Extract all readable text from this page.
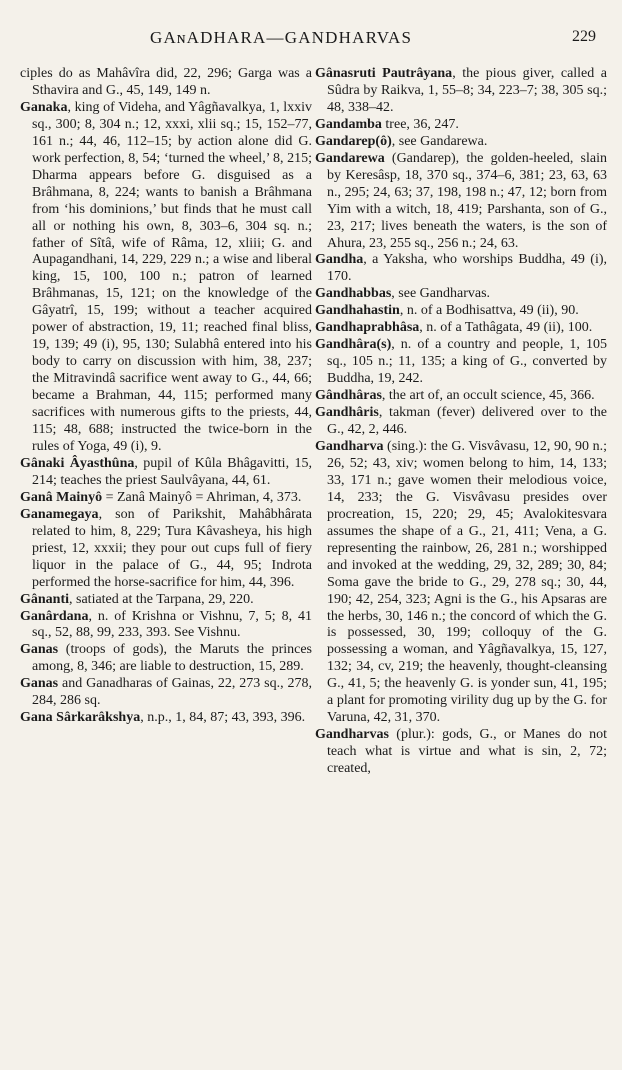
GAɴADHARA—GANDHARVAS	229

ciples do as Mahâvîra did, 22, 296; Garga was a Sthavira and G., 45, 149, 149 n.

Ganaka, king of Videha, and Yâgñavalkya, 1, lxxiv sq., 300; 8, 304 n.; 12, xxxi, xlii sq.; 15, 152–77, 161 n.; 44, 46, 112–15; by action alone did G. work perfection, 8, 54; ‘turned the wheel,’ 8, 215; Dharma appears before G. disguised as a Brâhmana, 8, 224; wants to banish a Brâhmana from ‘his dominions,’ but finds that he must call all or nothing his own, 8, 303–6, 304 sq. n.; father of Sîtâ, wife of Râma, 12, xliii; G. and Aupagandhani, 14, 229, 229 n.; a wise and liberal king, 15, 100, 100 n.; patron of learned Brâhmanas, 15, 121; on the knowledge of the Gâyatrî, 15, 199; without a teacher acquired power of abstraction, 19, 11; reached final bliss, 19, 139; 49 (i), 95, 130; Sulabhâ entered into his body to carry on discussion with him, 38, 237; the Mitravindâ sacrifice went away to G., 44, 66; became a Brahman, 44, 115; performed many sacrifices with numerous gifts to the priests, 44, 115; 48, 688; instructed the twice-born in the rules of Yoga, 49 (i), 9.

Gânaki Âyasthûna, pupil of Kûla Bhâgavitti, 15, 214; teaches the priest Saulvâyana, 44, 61.

Ganâ Mainyô = Zanâ Mainyô = Ahriman, 4, 373.

Ganamegaya, son of Parikshit, Mahâbhârata related to him, 8, 229; Tura Kâvasheya, his high priest, 12, xxxii; they pour out cups full of fiery liquor in the palace of G., 44, 95; Indrota performed the horse-sacrifice for him, 44, 396.

Gânanti, satiated at the Tarpana, 29, 220.

Ganârdana, n. of Krishna or Vishnu, 7, 5; 8, 41 sq., 52, 88, 99, 233, 393. See Vishnu.

Ganas (troops of gods), the Maruts the princes among, 8, 346; are liable to destruction, 15, 289.

Ganas and Ganadharas of Gainas, 22, 273 sq., 278, 284, 286 sq.

Gana Sârkarâkshya, n.p., 1, 84, 87; 43, 393, 396.

Gânasruti Pautrâyana, the pious giver, called a Sûdra by Raikva, 1, 55–8; 34, 223–7; 38, 305 sq.; 48, 338–42.

Gandamba tree, 36, 247.

Gandarep(ô), see Gandarewa.

Gandarewa (Gandarep), the golden-heeled, slain by Keresâsp, 18, 370 sq., 374–6, 381; 23, 63, 63 n., 295; 24, 63; 37, 198, 198 n.; 47, 12; born from Yim with a witch, 18, 419; Parshanta, son of G., 23, 217; lives beneath the waters, is the son of Ahura, 23, 255 sq., 256 n.; 24, 63.

Gandha, a Yaksha, who worships Buddha, 49 (i), 170.

Gandhabbas, see Gandharvas.

Gandhahastin, n. of a Bodhisattva, 49 (ii), 90.

Gandhaprabhâsa, n. of a Tathâgata, 49 (ii), 100.

Gandhâra(s), n. of a country and people, 1, 105 sq., 105 n.; 11, 135; a king of G., converted by Buddha, 19, 242.

Gândhâras, the art of, an occult science, 45, 366.

Gandhâris, takman (fever) delivered over to the G., 42, 2, 446.

Gandharva (sing.): the G. Visvâvasu, 12, 90, 90 n.; 26, 52; 43, xiv; women belong to him, 14, 133; 33, 171 n.; gave women their melodious voice, 14, 233; the G. Visvâvasu presides over procreation, 15, 220; 29, 45; Avalokitesvara assumes the shape of a G., 21, 411; Vena, a G. representing the rainbow, 26, 281 n.; worshipped and invoked at the wedding, 29, 32, 289; 30, 84; Soma gave the bride to G., 29, 278 sq.; 30, 44, 190; 42, 254, 323; Agni is the G., his Apsaras are the herbs, 30, 146 n.; the concord of which the G. is possessed, 30, 199; colloquy of the G. possessing a woman, and Yâgñavalkya, 15, 127, 132; 34, cv, 219; the heavenly, thought-cleansing G., 41, 5; the heavenly G. is yonder sun, 41, 195; a plant for promoting virility dug up by the G. for Varuna, 42, 31, 370.

Gandharvas (plur.): gods, G., or Manes do not teach what is virtue and what is sin, 2, 72; created,
